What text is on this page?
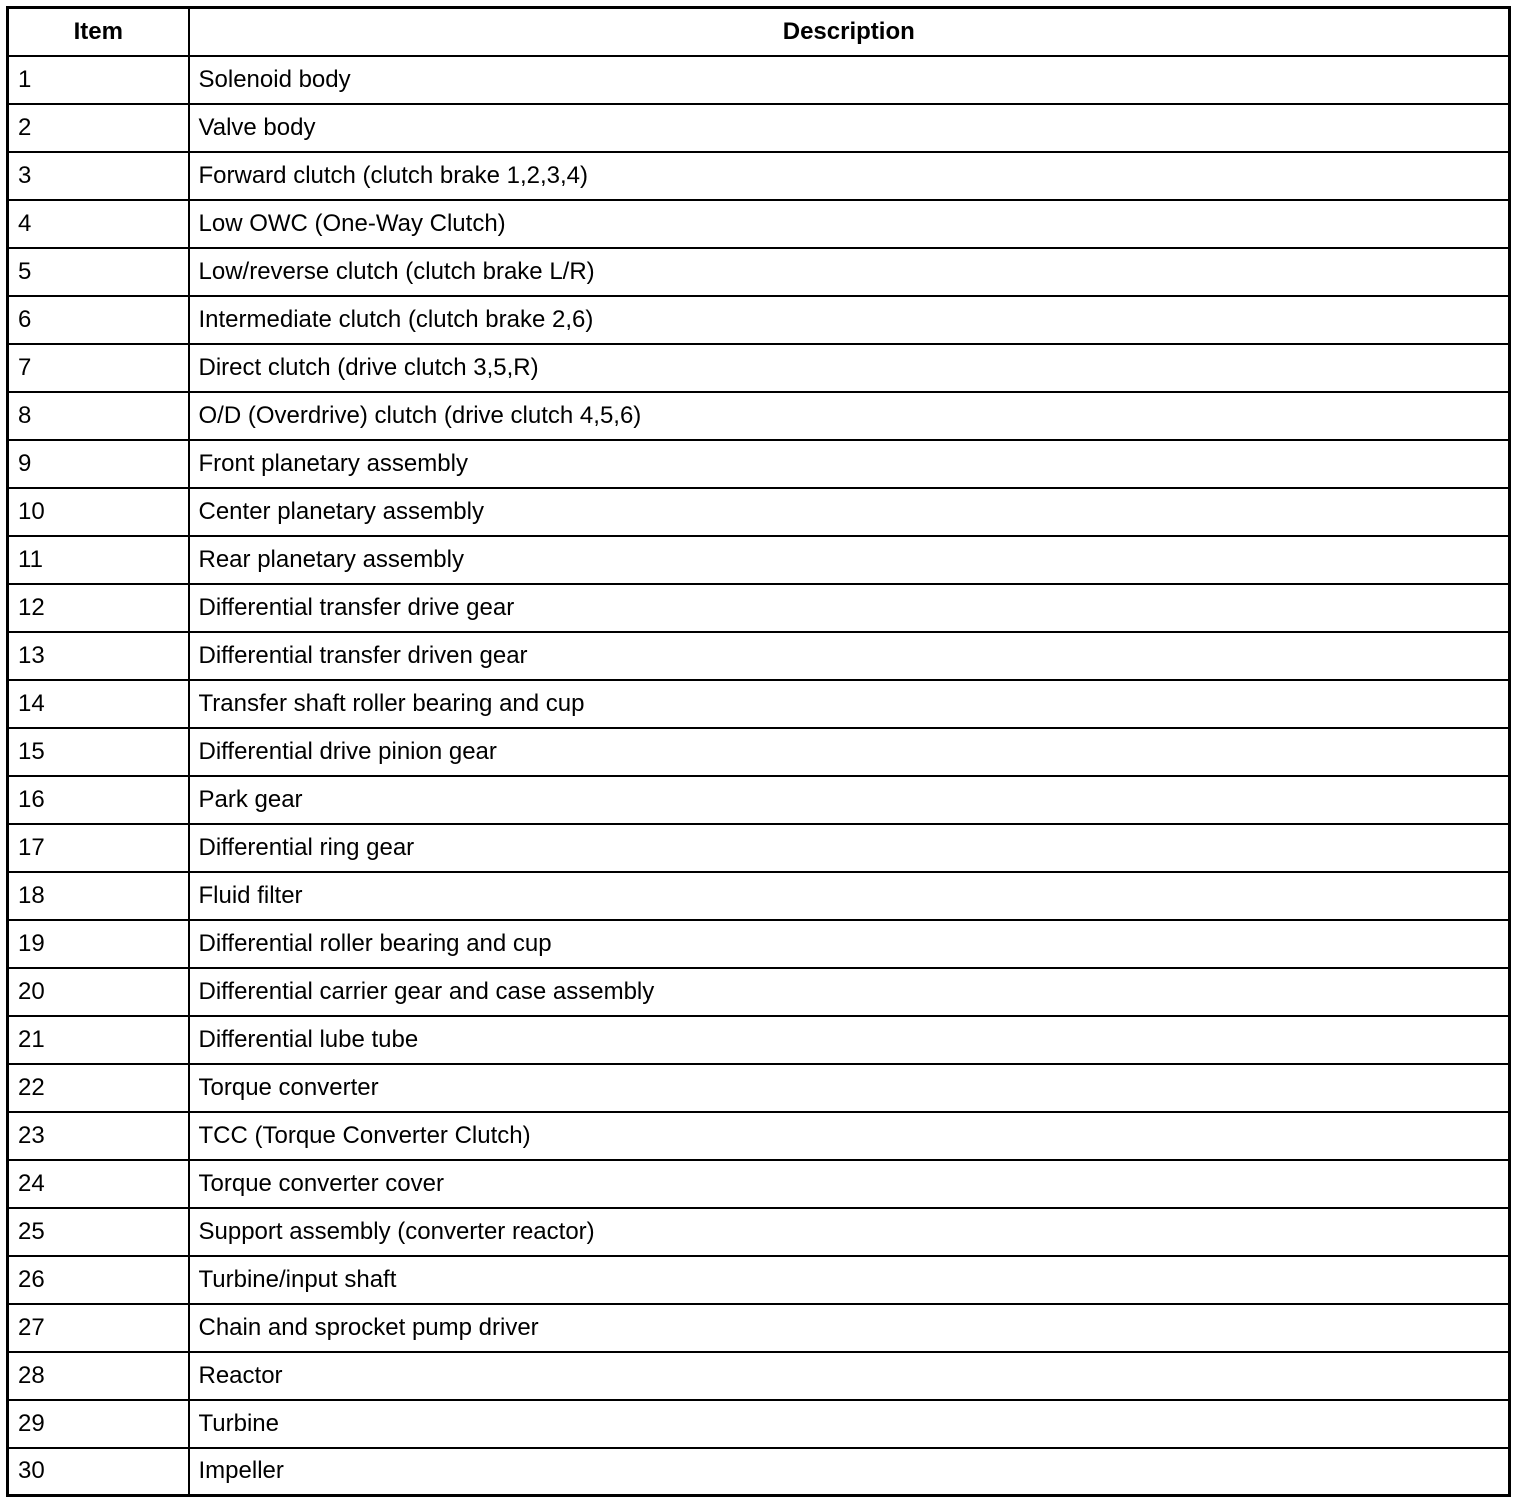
Item	Description
1	Solenoid body
2	Valve body
3	Forward clutch (clutch brake 1,2,3,4)
4	Low OWC (One-Way Clutch)
5	Low/reverse clutch (clutch brake L/R)
6	Intermediate clutch (clutch brake 2,6)
7	Direct clutch (drive clutch 3,5,R)
8	O/D (Overdrive) clutch (drive clutch 4,5,6)
9	Front planetary assembly
10	Center planetary assembly
11	Rear planetary assembly
12	Differential transfer drive gear
13	Differential transfer driven gear
14	Transfer shaft roller bearing and cup
15	Differential drive pinion gear
16	Park gear
17	Differential ring gear
18	Fluid filter
19	Differential roller bearing and cup
20	Differential carrier gear and case assembly
21	Differential lube tube
22	Torque converter
23	TCC (Torque Converter Clutch)
24	Torque converter cover
25	Support assembly (converter reactor)
26	Turbine/input shaft
27	Chain and sprocket pump driver
28	Reactor
29	Turbine
30	Impeller
